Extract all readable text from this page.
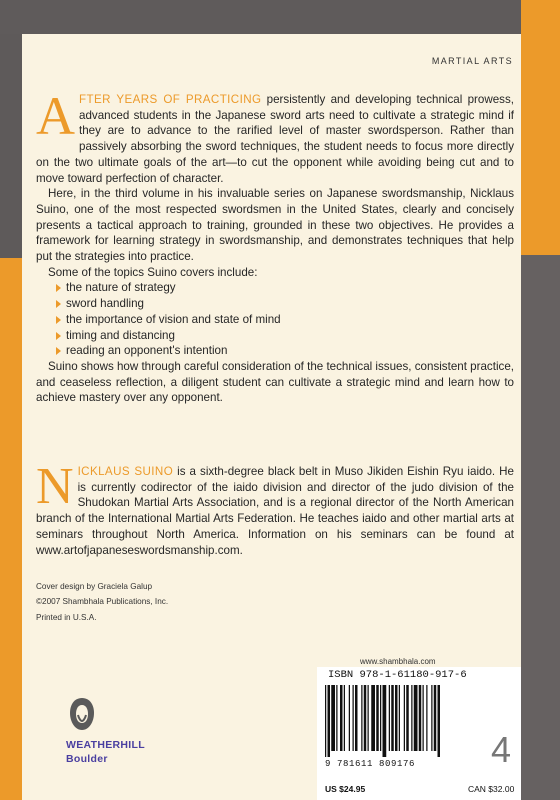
MARTIAL ARTS

AFTER YEARS OF PRACTICING persistently and developing technical prowess, advanced students in the Japanese sword arts need to cultivate a strategic mind if they are to advance to the rarified level of master swordsperson. Rather than passively absorbing the sword techniques, the student needs to focus more directly on the two ultimate goals of the art—to cut the opponent while avoiding being cut and to move toward perfection of character.

Here, in the third volume in his invaluable series on Japanese swordsmanship, Nicklaus Suino, one of the most respected swordsmen in the United States, clearly and concisely presents a tactical approach to training, grounded in these two objectives. He provides a framework for learning strategy in swordsmanship, and demonstrates techniques that help put the strategies into practice.

Some of the topics Suino covers include:

the nature of strategy
sword handling
the importance of vision and state of mind
timing and distancing
reading an opponent's intention

Suino shows how through careful consideration of the technical issues, consistent practice, and ceaseless reflection, a diligent student can cultivate a strategic mind and learn how to achieve mastery over any opponent.

NICKLAUS SUINO is a sixth-degree black belt in Muso Jikiden Eishin Ryu iaido. He is currently codirector of the iaido division and director of the judo division of the Shudokan Martial Arts Association, and is a regional director of the North American branch of the International Martial Arts Federation. He teaches iaido and other martial arts at seminars throughout North America. Information on his seminars can be found at www.artofjapaneseswordsmanship.com.

Cover design by Graciela Galup
©2007 Shambhala Publications, Inc.
Printed in U.S.A.
WEATHERHILL
Boulder
www.shambhala.com
ISBN 978-1-61180-917-6
9 781611 809176 4
US $24.95	CAN $32.00
